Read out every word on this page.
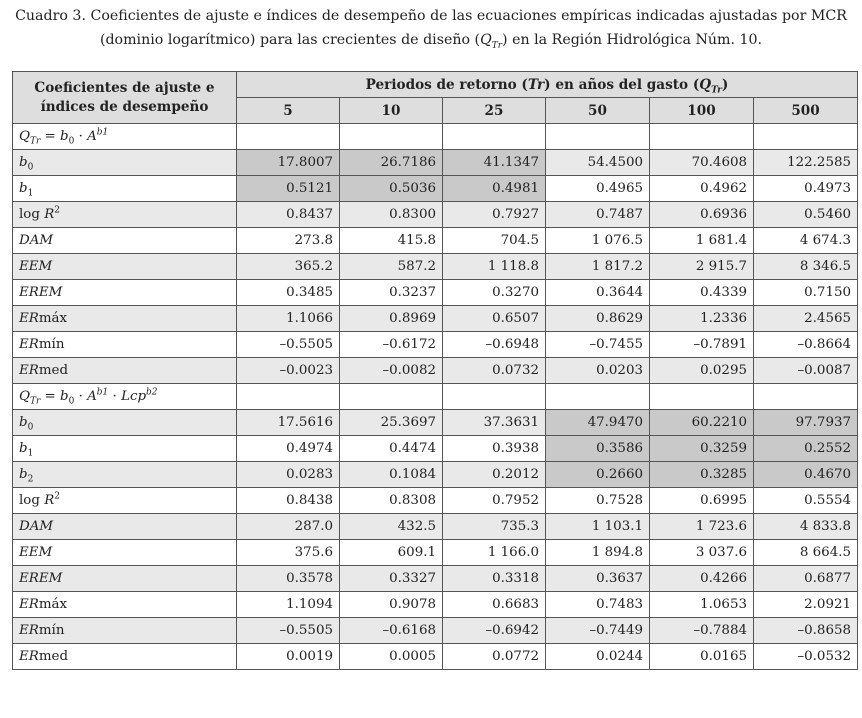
Cuadro 3. Coeficientes de ajuste e índices de desempeño de las ecuaciones empíricas indicadas ajustadas por MCR
(dominio logarítmico) para las crecientes de diseño $(Q_{Tr})$ en la Región Hidrológica Núm. 10.
Coeficientes de ajuste e
índices de desempeño	Periodos de retorno (Tr) en años del gasto $(Q_{Tr})$					
	5	10	25	50	100	500
$Q_{Tr} = b_0 \cdot A^{b1}$						
$b_0$	17.8007	26.7186	41.1347	54.4500	70.4608	122.2585
$b_1$	0.5121	0.5036	0.4981	0.4965	0.4962	0.4973
$\log R^2$	0.8437	0.8300	0.7927	0.7487	0.6936	0.5460
DAM	273.8	415.8	704.5	1 076.5	1 681.4	4 674.3
EEM	365.2	587.2	1 118.8	1 817.2	2 915.7	8 346.5
EREM	0.3485	0.3237	0.3270	0.3644	0.4339	0.7150
ERmáx	1.1066	0.8969	0.6507	0.8629	1.2336	2.4565
ERmín	–0.5505	–0.6172	–0.6948	–0.7455	–0.7891	–0.8664
ERmed	–0.0023	–0.0082	0.0732	0.0203	0.0295	–0.0087
$Q_{Tr} = b_0 \cdot A^{b1} \cdot Lcp^{b2}$						
$b_0$	17.5616	25.3697	37.3631	47.9470	60.2210	97.7937
$b_1$	0.4974	0.4474	0.3938	0.3586	0.3259	0.2552
$b_2$	0.0283	0.1084	0.2012	0.2660	0.3285	0.4670
$\log R^2$	0.8438	0.8308	0.7952	0.7528	0.6995	0.5554
DAM	287.0	432.5	735.3	1 103.1	1 723.6	4 833.8
EEM	375.6	609.1	1 166.0	1 894.8	3 037.6	8 664.5
EREM	0.3578	0.3327	0.3318	0.3637	0.4266	0.6877
ERmáx	1.1094	0.9078	0.6683	0.7483	1.0653	2.0921
ERmín	–0.5505	–0.6168	–0.6942	–0.7449	–0.7884	–0.8658
ERmed	0.0019	0.0005	0.0772	0.0244	0.0165	–0.0532
